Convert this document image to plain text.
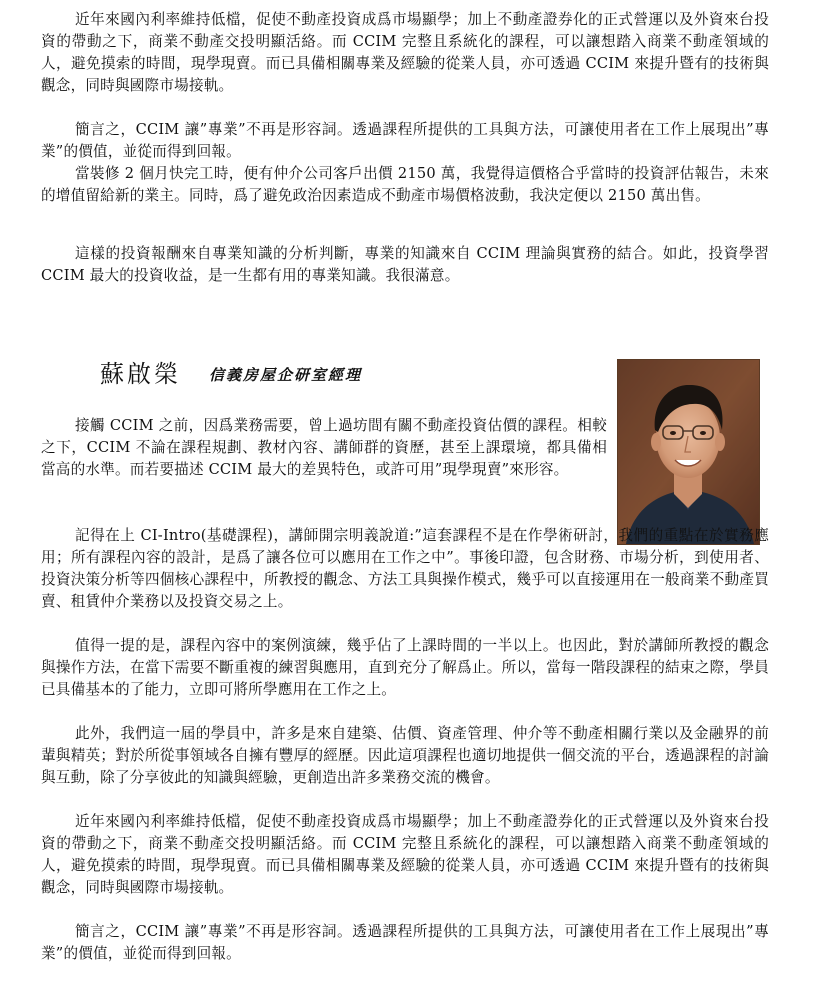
近年來國內利率維持低檔，促使不動產投資成爲市場顯學；加上不動產證券化的正式營運以及外資來台投資的帶動之下，商業不動產交投明顯活絡。而 CCIM 完整且系統化的課程，可以讓想踏入商業不動產領域的人，避免摸索的時間，現學現賣。而已具備相關專業及經驗的從業人員，亦可透過 CCIM 來提升暨有的技術與觀念，同時與國際市場接軌。

簡言之，CCIM 讓”專業”不再是形容詞。透過課程所提供的工具與方法，可讓使用者在工作上展現出”專業”的價值，並從而得到回報。

當裝修 2 個月快完工時，便有仲介公司客戶出價 2150 萬，我覺得這價格合乎當時的投資評估報告，未來的增值留給新的業主。同時，爲了避免政治因素造成不動產市場價格波動，我決定便以 2150 萬出售。

這樣的投資報酬來自專業知識的分析判斷，專業的知識來自 CCIM 理論與實務的結合。如此，投資學習 CCIM 最大的投資收益，是一生都有用的專業知識。我很滿意。

蘇啟榮 信義房屋企研室經理

接觸 CCIM 之前，因爲業務需要，曾上過坊間有關不動產投資估價的課程。相較之下，CCIM 不論在課程規劃、教材內容、講師群的資歷，甚至上課環境，都具備相當高的水準。而若要描述 CCIM 最大的差異特色，或許可用”現學現賣”來形容。

記得在上 CI-Intro(基礎課程)，講師開宗明義說道:”這套課程不是在作學術研討，我們的重點在於實務應用；所有課程內容的設計，是爲了讓各位可以應用在工作之中”。事後印證，包含財務、市場分析，到使用者、投資決策分析等四個核心課程中，所教授的觀念、方法工具與操作模式，幾乎可以直接運用在一般商業不動產買賣、租賃仲介業務以及投資交易之上。

值得一提的是，課程內容中的案例演練，幾乎佔了上課時間的一半以上。也因此，對於講師所教授的觀念與操作方法，在當下需要不斷重複的練習與應用，直到充分了解爲止。所以，當每一階段課程的結束之際，學員已具備基本的了能力，立即可將所學應用在工作之上。

此外，我們這一屆的學員中，許多是來自建築、估價、資產管理、仲介等不動產相關行業以及金融界的前輩與精英；對於所從事領域各自擁有豐厚的經歷。因此這項課程也適切地提供一個交流的平台，透過課程的討論與互動，除了分享彼此的知識與經驗，更創造出許多業務交流的機會。

近年來國內利率維持低檔，促使不動產投資成爲市場顯學；加上不動產證券化的正式營運以及外資來台投資的帶動之下，商業不動產交投明顯活絡。而 CCIM 完整且系統化的課程，可以讓想踏入商業不動產領域的人，避免摸索的時間，現學現賣。而已具備相關專業及經驗的從業人員，亦可透過 CCIM 來提升暨有的技術與觀念，同時與國際市場接軌。

簡言之，CCIM 讓”專業”不再是形容詞。透過課程所提供的工具與方法，可讓使用者在工作上展現出”專業”的價值，並從而得到回報。
